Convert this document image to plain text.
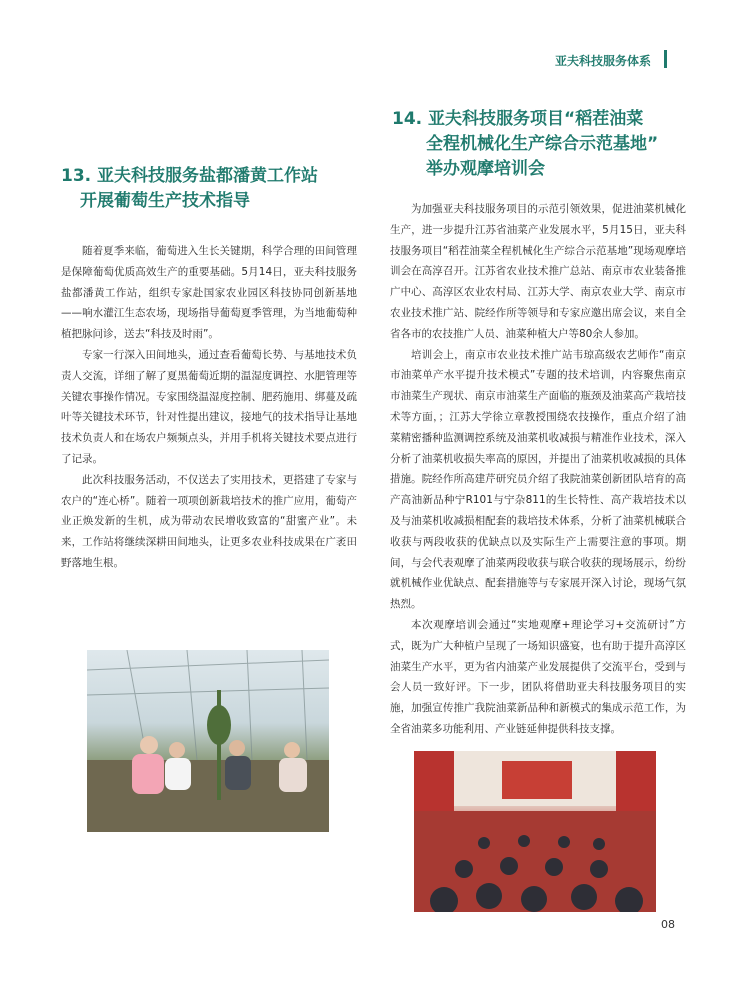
亚夫科技服务体系
13. 亚夫科技服务盐都潘黄工作站
开展葡萄生产技术指导

随着夏季来临，葡萄进入生长关键期，科学合理的田间管理是保障葡萄优质高效生产的重要基础。5月14日，亚夫科技服务盐都潘黄工作站，组织专家赴国家农业园区科技协同创新基地——响水灌江生态农场，现场指导葡萄夏季管理，为当地葡萄种植把脉问诊，送去“科技及时雨”。

专家一行深入田间地头，通过查看葡萄长势、与基地技术负责人交流，详细了解了夏黑葡萄近期的温湿度调控、水肥管理等关键农事操作情况。专家围绕温湿度控制、肥药施用、绑蔓及疏叶等关键技术环节，针对性提出建议，接地气的技术指导让基地技术负责人和在场农户频频点头，并用手机将关键技术要点进行了记录。

此次科技服务活动，不仅送去了实用技术，更搭建了专家与农户的“连心桥”。随着一项项创新栽培技术的推广应用，葡萄产业正焕发新的生机，成为带动农民增收致富的“甜蜜产业”。未来，工作站将继续深耕田间地头，让更多农业科技成果在广袤田野落地生根。

14. 亚夫科技服务项目“稻茬油菜
全程机械化生产综合示范基地”
举办观摩培训会

为加强亚夫科技服务项目的示范引领效果，促进油菜机械化生产，进一步提升江苏省油菜产业发展水平，5月15日，亚夫科技服务项目“稻茬油菜全程机械化生产综合示范基地”现场观摩培训会在高淳召开。江苏省农业技术推广总站、南京市农业装备推广中心、高淳区农业农村局、江苏大学、南京农业大学、南京市农业技术推广站、院经作所等领导和专家应邀出席会议，来自全省各市的农技推广人员、油菜种植大户等80余人参加。

培训会上，南京市农业技术推广站韦琼高级农艺师作“南京市油菜单产水平提升技术模式”专题的技术培训，内容聚焦南京市油菜生产现状、南京市油菜生产面临的瓶颈及油菜高产栽培技术等方面，；江苏大学徐立章教授围绕农技操作，重点介绍了油菜精密播种监测调控系统及油菜机收减损与精准作业技术，深入分析了油菜机收损失率高的原因，并提出了油菜机收减损的具体措施。院经作所高建芹研究员介绍了我院油菜创新团队培育的高产高油新品种宁R101与宁杂811的生长特性、高产栽培技术以及与油菜机收减损相配套的栽培技术体系，分析了油菜机械联合收获与两段收获的优缺点以及实际生产上需要注意的事项。期间，与会代表观摩了油菜两段收获与联合收获的现场展示，纷纷就机械作业优缺点、配套措施等与专家展开深入讨论，现场气氛热烈。

本次观摩培训会通过“实地观摩+理论学习+交流研讨”方式，既为广大种植户呈现了一场知识盛宴，也有助于提升高淳区油菜生产水平，更为省内油菜产业发展提供了交流平台，受到与会人员一致好评。下一步，团队将借助亚夫科技服务项目的实施，加强宣传推广我院油菜新品种和新模式的集成示范工作，为全省油菜多功能利用、产业链延伸提供科技支撑。

08
